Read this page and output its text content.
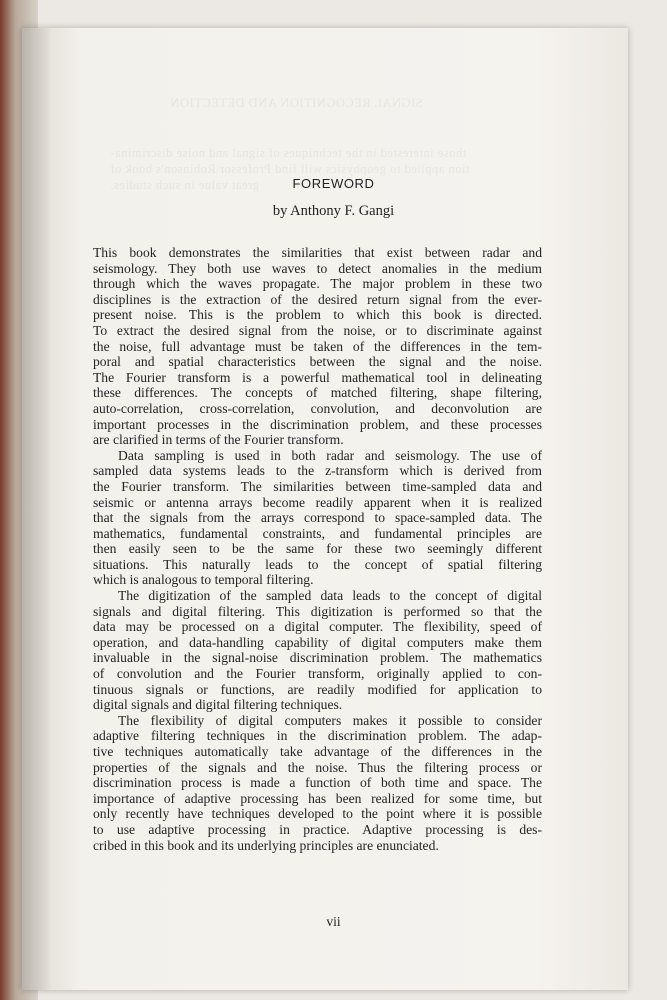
SIGNAL RECOGNITION AND DETECTION
those interested in the techniques of signal and noise discrimina-
tion applied to geophysics will find Professor Robinson's book of
great value in such studies.	FOREWORD
by Anthony F. Gangi
This book demonstrates the similarities that exist between radar and
seismology. They both use waves to detect anomalies in the medium
through which the waves propagate. The major problem in these two
disciplines is the extraction of the desired return signal from the ever-
present noise. This is the problem to which this book is directed.
To extract the desired signal from the noise, or to discriminate against
the noise, full advantage must be taken of the differences in the tem-
poral and spatial characteristics between the signal and the noise.
The Fourier transform is a powerful mathematical tool in delineating
these differences. The concepts of matched filtering, shape filtering,
auto-correlation, cross-correlation, convolution, and deconvolution are
important processes in the discrimination problem, and these processes
are clarified in terms of the Fourier transform.
Data sampling is used in both radar and seismology. The use of
sampled data systems leads to the z-transform which is derived from
the Fourier transform. The similarities between time-sampled data and
seismic or antenna arrays become readily apparent when it is realized
that the signals from the arrays correspond to space-sampled data. The
mathematics, fundamental constraints, and fundamental principles are
then easily seen to be the same for these two seemingly different
situations. This naturally leads to the concept of spatial filtering
which is analogous to temporal filtering.
The digitization of the sampled data leads to the concept of digital
signals and digital filtering. This digitization is performed so that the
data may be processed on a digital computer. The flexibility, speed of
operation, and data-handling capability of digital computers make them
invaluable in the signal-noise discrimination problem. The mathematics
of convolution and the Fourier transform, originally applied to con-
tinuous signals or functions, are readily modified for application to
digital signals and digital filtering techniques.
The flexibility of digital computers makes it possible to consider
adaptive filtering techniques in the discrimination problem. The adap-
tive techniques automatically take advantage of the differences in the
properties of the signals and the noise. Thus the filtering process or
discrimination process is made a function of both time and space. The
importance of adaptive processing has been realized for some time, but
only recently have techniques developed to the point where it is possible
to use adaptive processing in practice. Adaptive processing is des-
cribed in this book and its underlying principles are enunciated.
vii
